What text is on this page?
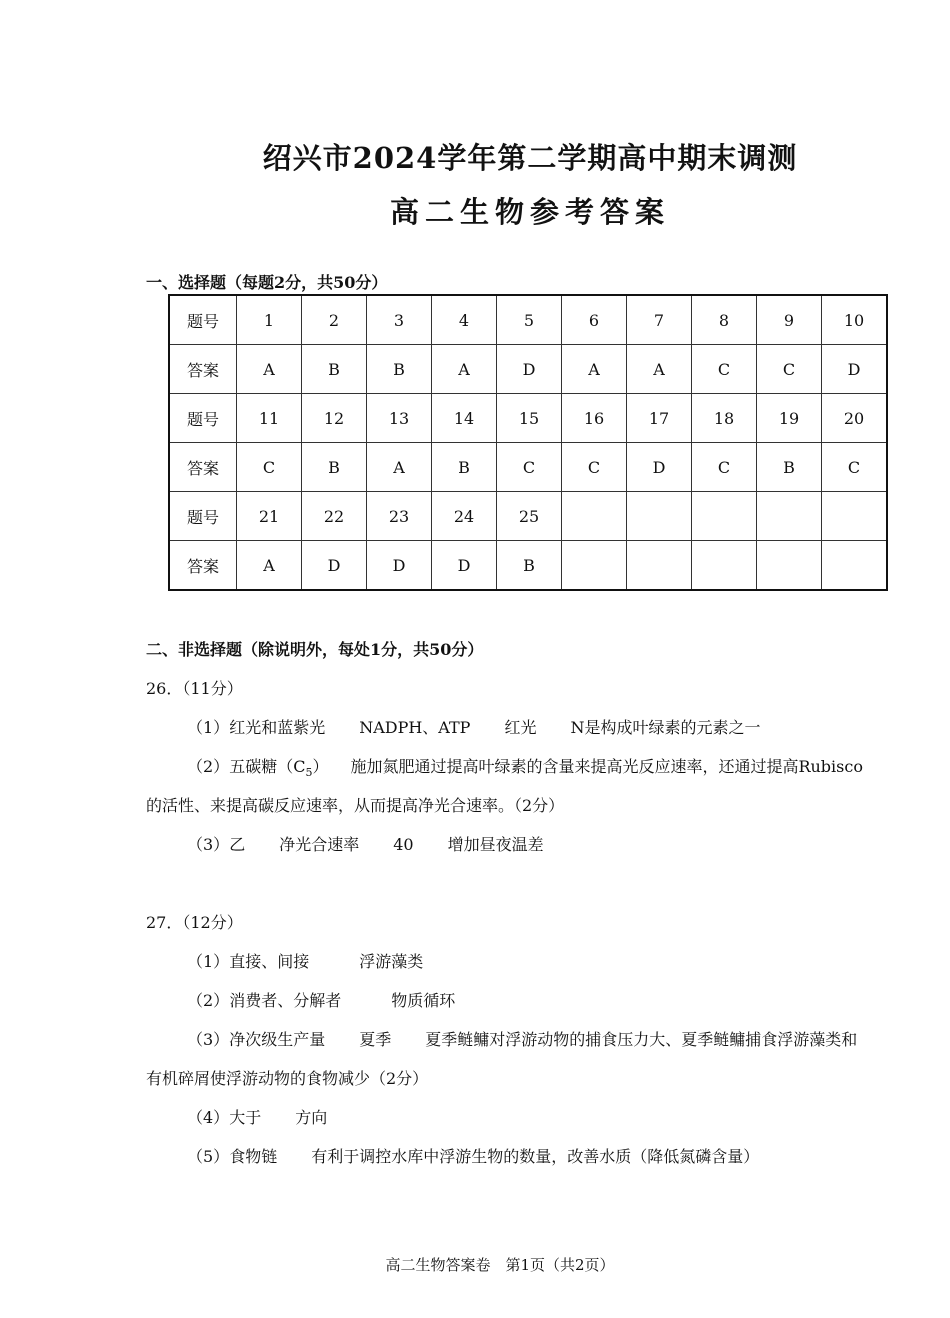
绍兴市2024学年第二学期高中期末调测
高二生物参考答案
一、选择题（每题2分，共50分）
题号	1	2	3	4	5	6	7	8	9	10
答案	A	B	B	A	D	A	A	C	C	D
题号	11	12	13	14	15	16	17	18	19	20
答案	C	B	A	B	C	C	D	C	B	C
题号	21	22	23	24	25					
答案	A	D	D	D	B					
二、非选择题（除说明外，每处1分，共50分）
26．（11分）
（1）红光和蓝紫光 NADPH、ATP 红光 N是构成叶绿素的元素之一
（2）五碳糖$(C_5)$ 施加氮肥通过提高叶绿素的含量来提高光反应速率，还通过提高Rubisco
的活性、来提高碳反应速率，从而提高净光合速率。（2分）
（3）乙 净光合速率 40 增加昼夜温差
27．（12分）
（1）直接、间接	浮游藻类
（2）消费者、分解者	物质循环
（3）净次级生产量 夏季 夏季鲢鳙对浮游动物的捕食压力大、夏季鲢鳙捕食浮游藻类和
有机碎屑使浮游动物的食物减少（2分）
（4）大于 方向
（5）食物链 有利于调控水库中浮游生物的数量，改善水质（降低氮磷含量）
高二生物答案卷　第1页（共2页）
